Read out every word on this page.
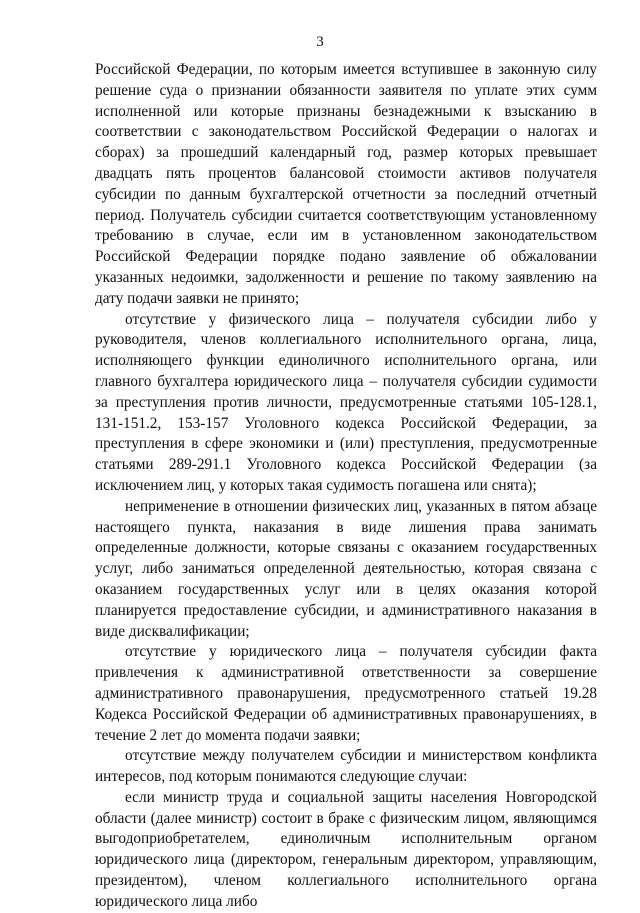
3

Российской Федерации, по которым имеется вступившее в законную силу решение суда о признании обязанности заявителя по уплате этих сумм исполненной или которые признаны безнадежными к взысканию в соответствии с законодательством Российской Федерации о налогах и сборах) за прошедший календарный год, размер которых превышает двадцать пять процентов балансовой стоимости активов получателя субсидии по данным бухгалтерской отчетности за последний отчетный период. Получатель субсидии считается соответствующим установленному требованию в случае, если им в установленном законодательством Российской Федерации порядке подано заявление об обжаловании указанных недоимки, задолженности и решение по такому заявлению на дату подачи заявки не принято;

отсутствие у физического лица – получателя субсидии либо у руководителя, членов коллегиального исполнительного органа, лица, исполняющего функции единоличного исполнительного органа, или главного бухгалтера юридического лица – получателя субсидии судимости за преступления против личности, предусмотренные статьями 105-128.1, 131-151.2, 153-157 Уголовного кодекса Российской Федерации, за преступления в сфере экономики и (или) преступления, предусмотренные статьями 289-291.1 Уголовного кодекса Российской Федерации (за исключением лиц, у которых такая судимость погашена или снята);

неприменение в отношении физических лиц, указанных в пятом абзаце настоящего пункта, наказания в виде лишения права занимать определенные должности, которые связаны с оказанием государственных услуг, либо заниматься определенной деятельностью, которая связана с оказанием государственных услуг или в целях оказания которой планируется предоставление субсидии, и административного наказания в виде дисквалификации;

отсутствие у юридического лица – получателя субсидии факта привлечения к административной ответственности за совершение административного правонарушения, предусмотренного статьей 19.28 Кодекса Российской Федерации об административных правонарушениях, в течение 2 лет до момента подачи заявки;

отсутствие между получателем субсидии и министерством конфликта интересов, под которым понимаются следующие случаи:

если министр труда и социальной защиты населения Новгородской области (далее министр) состоит в браке с физическим лицом, являющимся выгодоприобретателем, единоличным исполнительным органом юридического лица (директором, генеральным директором, управляющим, президентом), членом коллегиального исполнительного органа юридического лица либо
